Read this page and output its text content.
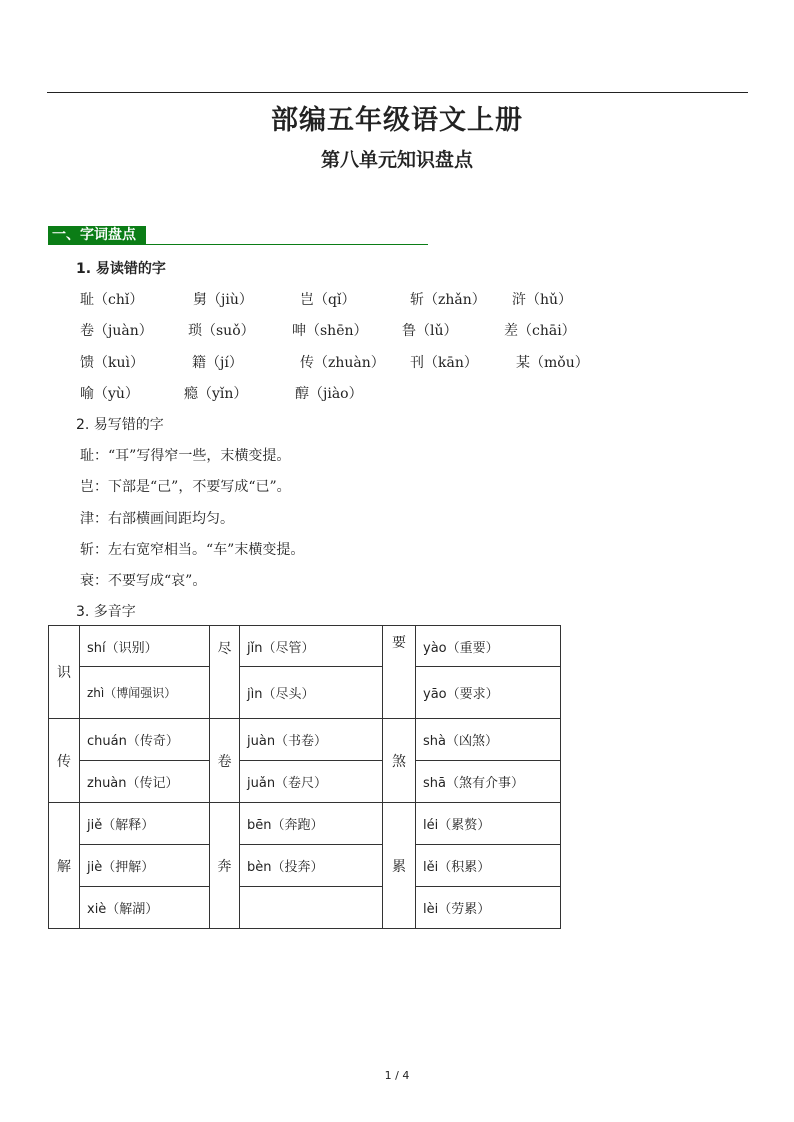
部编五年级语文上册
第八单元知识盘点
一、字词盘点
1. 易读错的字
耻（chǐ）	舅（jiù）	岂（qǐ）	斩（zhǎn） 浒（hǔ）
卷（juàn）	琐（suǒ）	呻（shēn） 鲁（lǔ）	差（chāi）
馈（kuì）	籍（jí）	传（zhuàn） 刊（kān）	某（mǒu）
喻（yù）	瘾（yǐn）	醇（jiào）
2. 易写错的字
耻：“耳”写得窄一些，末横变提。
岂：下部是“己”，不要写成“已”。
津：右部横画间距均匀。
斩：左右宽窄相当。“车”末横变提。
衰：不要写成“哀”。
3. 多音字
识	shí（识别）	尽	jǐn（尽管）	要	yào（重要）
	zhì（博闻强识）		jìn（尽头）		yāo（要求）
传	chuán（传奇）	卷	juàn（书卷）	煞	shà（凶煞）
	zhuàn（传记）		juǎn（卷尺）		shā（煞有介事）
解	jiě（解释）	奔	bēn（奔跑）	累	léi（累赘）
	jiè（押解）		bèn（投奔）		lěi（积累）
	xiè（解湖）				lèi（劳累）
1 / 4
